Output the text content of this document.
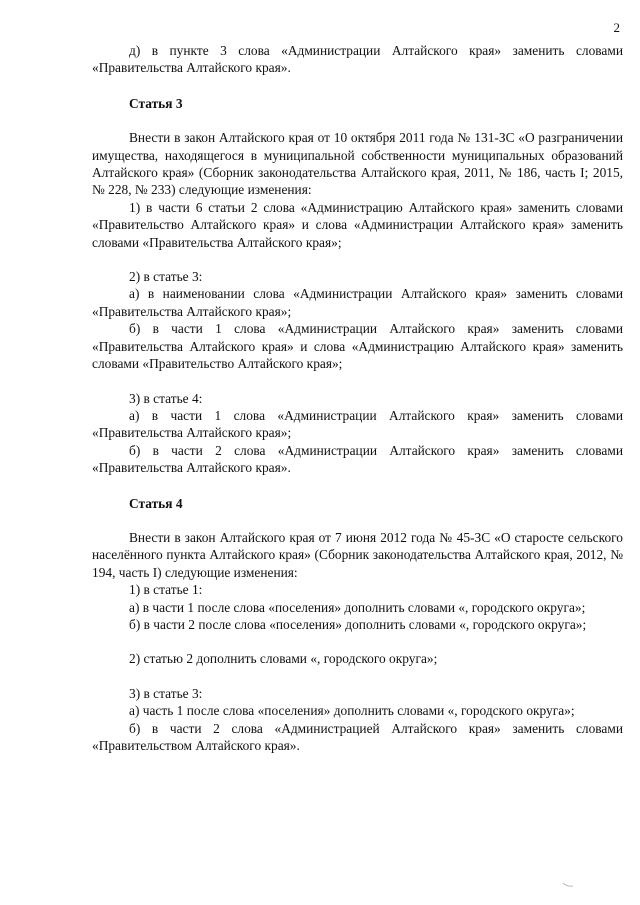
2

д) в пункте 3 слова «Администрации Алтайского края» заменить словами «Правительства Алтайского края».

Статья 3

Внести в закон Алтайского края от 10 октября 2011 года № 131-ЗС «О разграничении имущества, находящегося в муниципальной собственности муниципальных образований Алтайского края» (Сборник законодательства Алтайского края, 2011, № 186, часть I; 2015, № 228, № 233) следующие изменения:

1) в части 6 статьи 2 слова «Администрацию Алтайского края» заменить словами «Правительство Алтайского края» и слова «Администрации Алтайского края» заменить словами «Правительства Алтайского края»;

2) в статье 3:

а) в наименовании слова «Администрации Алтайского края» заменить словами «Правительства Алтайского края»;

б) в части 1 слова «Администрации Алтайского края» заменить словами «Правительства Алтайского края» и слова «Администрацию Алтайского края» заменить словами «Правительство Алтайского края»;

3) в статье 4:

а) в части 1 слова «Администрации Алтайского края» заменить словами «Правительства Алтайского края»;

б) в части 2 слова «Администрации Алтайского края» заменить словами «Правительства Алтайского края».

Статья 4

Внести в закон Алтайского края от 7 июня 2012 года № 45-ЗС «О старосте сельского населённого пункта Алтайского края» (Сборник законодательства Алтайского края, 2012, № 194, часть I) следующие изменения:

1) в статье 1:

а) в части 1 после слова «поселения» дополнить словами «, городского округа»;

б) в части 2 после слова «поселения» дополнить словами «, городского округа»;

2) статью 2 дополнить словами «, городского округа»;

3) в статье 3:

а) часть 1 после слова «поселения» дополнить словами «, городского округа»;

б) в части 2 слова «Администрацией Алтайского края» заменить словами «Правительством Алтайского края».
